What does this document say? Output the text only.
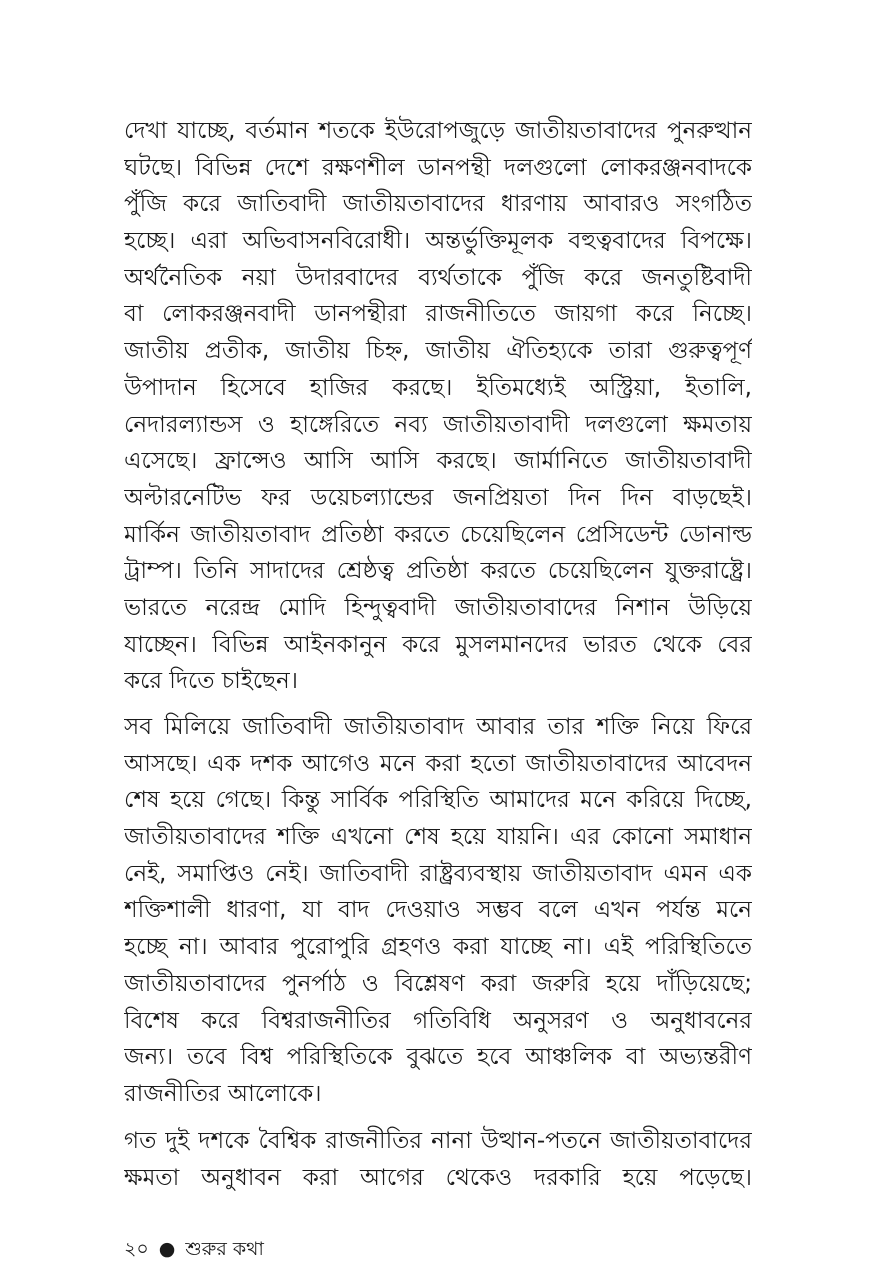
দেখা যাচ্ছে, বর্তমান শতকে ইউরোপজুড়ে জাতীয়তাবাদের পুনরুত্থান
ঘটছে। বিভিন্ন দেশে রক্ষণশীল ডানপন্থী দলগুলো লোকরঞ্জনবাদকে
পুঁজি করে জাতিবাদী জাতীয়তাবাদের ধারণায় আবারও সংগঠিত
হচ্ছে। এরা অভিবাসনবিরোধী। অন্তর্ভুক্তিমূলক বহুত্ববাদের বিপক্ষে।
অর্থনৈতিক নয়া উদারবাদের ব্যর্থতাকে পুঁজি করে জনতুষ্টিবাদী
বা লোকরঞ্জনবাদী ডানপন্থীরা রাজনীতিতে জায়গা করে নিচ্ছে।
জাতীয় প্রতীক, জাতীয় চিহ্ন, জাতীয় ঐতিহ্যকে তারা গুরুত্বপূর্ণ
উপাদান হিসেবে হাজির করছে। ইতিমধ্যেই অস্ট্রিয়া, ইতালি,
নেদারল্যান্ডস ও হাঙ্গেরিতে নব্য জাতীয়তাবাদী দলগুলো ক্ষমতায়
এসেছে। ফ্রান্সেও আসি আসি করছে। জার্মানিতে জাতীয়তাবাদী
অল্টারনেটিভ ফর ডয়েচল্যান্ডের জনপ্রিয়তা দিন দিন বাড়ছেই।
মার্কিন জাতীয়তাবাদ প্রতিষ্ঠা করতে চেয়েছিলেন প্রেসিডেন্ট ডোনাল্ড
ট্রাম্প। তিনি সাদাদের শ্রেষ্ঠত্ব প্রতিষ্ঠা করতে চেয়েছিলেন যুক্তরাষ্ট্রে।
ভারতে নরেন্দ্র মোদি হিন্দুত্ববাদী জাতীয়তাবাদের নিশান উড়িয়ে
যাচ্ছেন। বিভিন্ন আইনকানুন করে মুসলমানদের ভারত থেকে বের
করে দিতে চাইছেন।

সব মিলিয়ে জাতিবাদী জাতীয়তাবাদ আবার তার শক্তি নিয়ে ফিরে
আসছে। এক দশক আগেও মনে করা হতো জাতীয়তাবাদের আবেদন
শেষ হয়ে গেছে। কিন্তু সার্বিক পরিস্থিতি আমাদের মনে করিয়ে দিচ্ছে,
জাতীয়তাবাদের শক্তি এখনো শেষ হয়ে যায়নি। এর কোনো সমাধান
নেই, সমাপ্তিও নেই। জাতিবাদী রাষ্ট্রব্যবস্থায় জাতীয়তাবাদ এমন এক
শক্তিশালী ধারণা, যা বাদ দেওয়াও সম্ভব বলে এখন পর্যন্ত মনে
হচ্ছে না। আবার পুরোপুরি গ্রহণও করা যাচ্ছে না। এই পরিস্থিতিতে
জাতীয়তাবাদের পুনর্পাঠ ও বিশ্লেষণ করা জরুরি হয়ে দাঁড়িয়েছে;
বিশেষ করে বিশ্বরাজনীতির গতিবিধি অনুসরণ ও অনুধাবনের
জন্য। তবে বিশ্ব পরিস্থিতিকে বুঝতে হবে আঞ্চলিক বা অভ্যন্তরীণ
রাজনীতির আলোকে।

গত দুই দশকে বৈশ্বিক রাজনীতির নানা উত্থান-পতনে জাতীয়তাবাদের
ক্ষমতা অনুধাবন করা আগের থেকেও দরকারি হয়ে পড়েছে।

২০ ● শুরুর কথা
